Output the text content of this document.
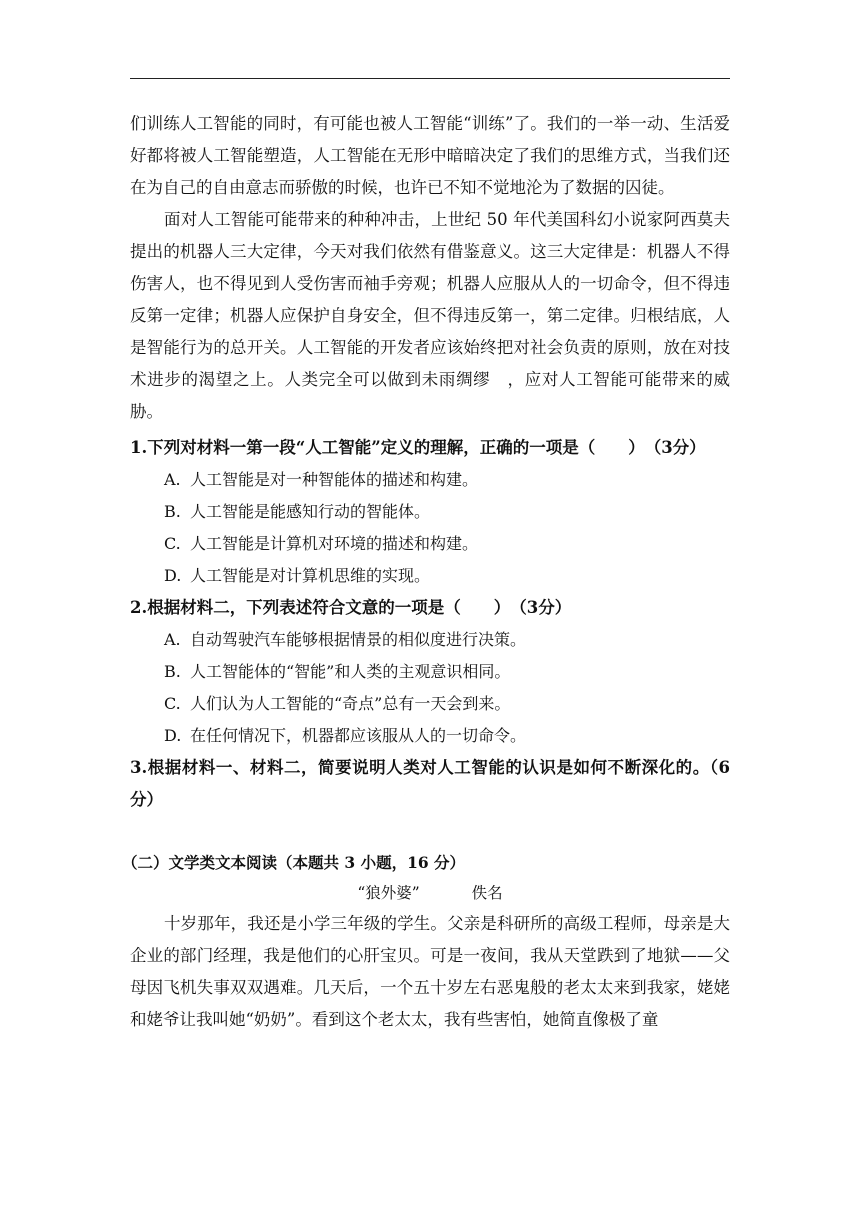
们训练人工智能的同时，有可能也被人工智能“训练”了。我们的一举一动、生活爱好都将被人工智能塑造，人工智能在无形中暗暗决定了我们的思维方式，当我们还在为自己的自由意志而骄傲的时候，也许已不知不觉地沦为了数据的囚徒。

面对人工智能可能带来的种种冲击，上世纪 50 年代美国科幻小说家阿西莫夫提出的机器人三大定律，今天对我们依然有借鉴意义。这三大定律是：机器人不得伤害人，也不得见到人受伤害而袖手旁观；机器人应服从人的一切命令，但不得违反第一定律；机器人应保护自身安全，但不得违反第一，第二定律。归根结底，人是智能行为的总开关。人工智能的开发者应该始终把对社会负责的原则，放在对技术进步的渴望之上。人类完全可以做到未雨绸缪　，应对人工智能可能带来的威胁。

1.下列对材料一第一段“人工智能”定义的理解，正确的一项是（　　）　（3分）

A. 人工智能是对一种智能体的描述和构建。
B. 人工智能是能感知行动的智能体。
C. 人工智能是计算机对环境的描述和构建。
D. 人工智能是对计算机思维的实现。

2.根据材料二，下列表述符合文意的一项是（　　）　（3分）

A. 自动驾驶汽车能够根据情景的相似度进行决策。
B. 人工智能体的“智能”和人类的主观意识相同。
C. 人们认为人工智能的“奇点”总有一天会到来。
D. 在任何情况下，机器都应该服从人的一切命令。

3.根据材料一、材料二，简要说明人类对人工智能的认识是如何不断深化的。（6分）

（二）文学类文本阅读（本题共 3 小题，16 分）

“狼外婆”	佚名

十岁那年，我还是小学三年级的学生。父亲是科研所的高级工程师，母亲是大企业的部门经理，我是他们的心肝宝贝。可是一夜间，我从天堂跌到了地狱——父母因飞机失事双双遇难。几天后，一个五十岁左右恶鬼般的老太太来到我家，姥姥和姥爷让我叫她“奶奶”。看到这个老太太，我有些害怕，她简直像极了童
